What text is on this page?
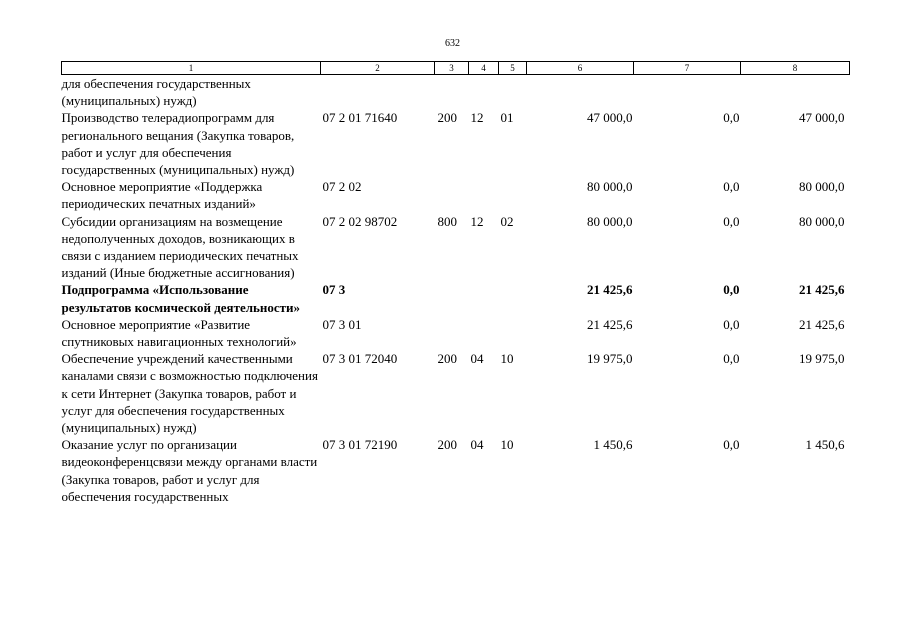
632
1	2	3	4	5	6	7	8
для обеспечения государственных (муниципальных) нужд)							
Производство телерадиопрограмм для регионального вещания (Закупка товаров, работ и услуг для обеспечения государственных (муниципальных) нужд)	07 2 01 71640	200	12	01	47 000,0	0,0	47 000,0
Основное мероприятие «Поддержка периодических печатных изданий»	07 2 02				80 000,0	0,0	80 000,0
Субсидии организациям на возмещение недополученных доходов, возникающих в связи с изданием периодических печатных изданий (Иные бюджетные ассигнования)	07 2 02 98702	800	12	02	80 000,0	0,0	80 000,0
Подпрограмма «Использование результатов космической деятельности»	07 3				21 425,6	0,0	21 425,6
Основное мероприятие «Развитие спутниковых навигационных технологий»	07 3 01				21 425,6	0,0	21 425,6
Обеспечение учреждений качественными каналами связи с возможностью подключения к сети Интернет (Закупка товаров, работ и услуг для обеспечения государственных (муниципальных) нужд)	07 3 01 72040	200	04	10	19 975,0	0,0	19 975,0
Оказание услуг по организации видеоконференцсвязи между органами власти (Закупка товаров, работ и услуг для обеспечения государственных	07 3 01 72190	200	04	10	1 450,6	0,0	1 450,6
